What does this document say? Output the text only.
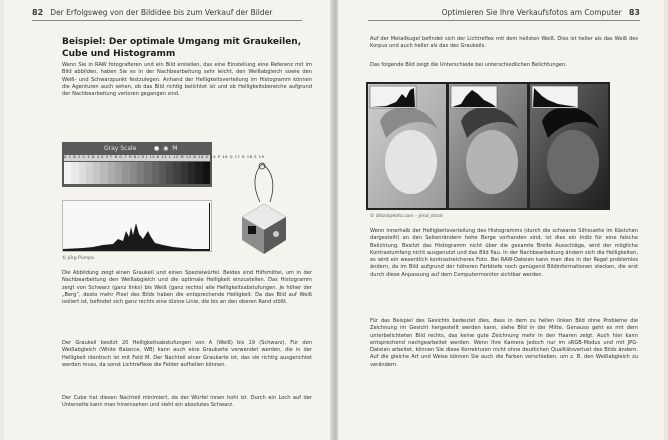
82 Der Erfolgsweg von der Bildidee bis zum Verkauf der Bilder
Beispiel: Der optimale Umgang mit Graukeilen, Cube und Histogramm
Wenn Sie in RAW fotografieren und ein Bild erstellen, das eine Einstellung eine Referenz mit im Bild abbilden, haben Sie es in der Nachbearbeitung sehr leicht, den Weißabgleich sowie den Weiß- und Schwarzpunkt festzulegen. Anhand der Helligkeitsverteilung im Histogramm können die Agenturen auch sehen, ob das Bild richtig belichtet ist und ob Helligkeitsbereiche aufgrund der Nachbearbeitung verloren gegangen sind.
Gray Scale	● ◉ M
A 1 B 2 C 3 D 4 E 5 F 6 G 7 H 8 I 9 J 10 K 11 L 12 M 13 N 14 O 15 P 16 Q 17 R 18 S 19
© Jörg Pumpa
Die Abbildung zeigt einen Graukeil und einen Spezialwürfel. Beides sind Hilfsmittel, um in der Nachbearbeitung den Weißabgleich und die optimale Helligkeit einzustellen. Das Histogramm zeigt von Schwarz (ganz links) bis Weiß (ganz rechts) alle Helligkeitsabstufungen. Je höher der „Berg“, desto mehr Pixel des Bilds haben die entsprechende Helligkeit. Da das Bild auf Weiß isoliert ist, befindet sich ganz rechts eine dünne Linie, die bis an den oberen Rand stößt.
Der Graukeil besitzt 20 Helligkeitsabstufungen von A (Weiß) bis 19 (Schwarz). Für den Weißabgleich (White Balance, WB) kann auch eine Graukarte verwendet werden, die in der Helligkeit identisch ist mit Feld M. Der Nachteil einer Graukarte ist, das sie richtig ausgerichtet werden muss, da sonst Lichtreflexe die Felder aufhellen können.
Der Cube hat diesen Nachteil minimiert, da der Würfel innen hohl ist. Durch ein Loch auf der Unterseite kann man hineinsehen und sieht ein absolutes Schwarz.
Optimieren Sie Ihre Verkaufsfotos am Computer 83
Auf der Metallkugel befindet sich der Lichtreflex mit dem hellsten Weiß. Dies ist heller als das Weiß des Korpus und auch heller als das des Graukeils.
Das folgende Bild zeigt die Unterschiede bei unterschiedlichen Belichtungen.
© iStockphoto.com – jimd_stock
Wenn innerhalb der Helligkeitsverteilung des Histogramms (durch die schwarze Silhouette im Kästchen dargestellt) an den Seitenrändern hohe Berge vorhanden sind, ist dies ein Indiz für eine falsche Belichtung. Besitzt das Histogramm nicht über die gesamte Breite Ausschläge, wird der mögliche Kontrastumfang nicht ausgenutzt und das Bild flau. In der Nachbearbeitung ändern sich die Helligkeiten, es wird ein wesentlich kontrastreicheres Foto. Bei RAW-Dateien kann man dies in der Regel problemlos ändern, da im Bild aufgrund der höheren Farbtiefe noch genügend Bildinformationen stecken, die erst durch diese Anpassung auf dem Computermonitor sichtbar werden.
Für das Beispiel des Gesichts bedeutet dies, dass in dem zu hellen linken Bild ohne Probleme die Zeichnung im Gesicht hergestellt werden kann, siehe Bild in der Mitte. Genauso geht es mit dem unterbelichteten Bild rechts, das keine gute Zeichnung mehr in den Haaren zeigt. Auch hier kann entsprechend nachgearbeitet werden. Wenn Ihre Kamera jedoch nur im sRGB-Modus und mit JPG-Dateien arbeitet, können Sie diese Korrekturen nicht ohne deutlichen Qualitätsverlust des Bilds ändern. Auf die gleiche Art und Weise können Sie auch die Farben verschieben, um z. B. den Weißabgleich zu verändern.
